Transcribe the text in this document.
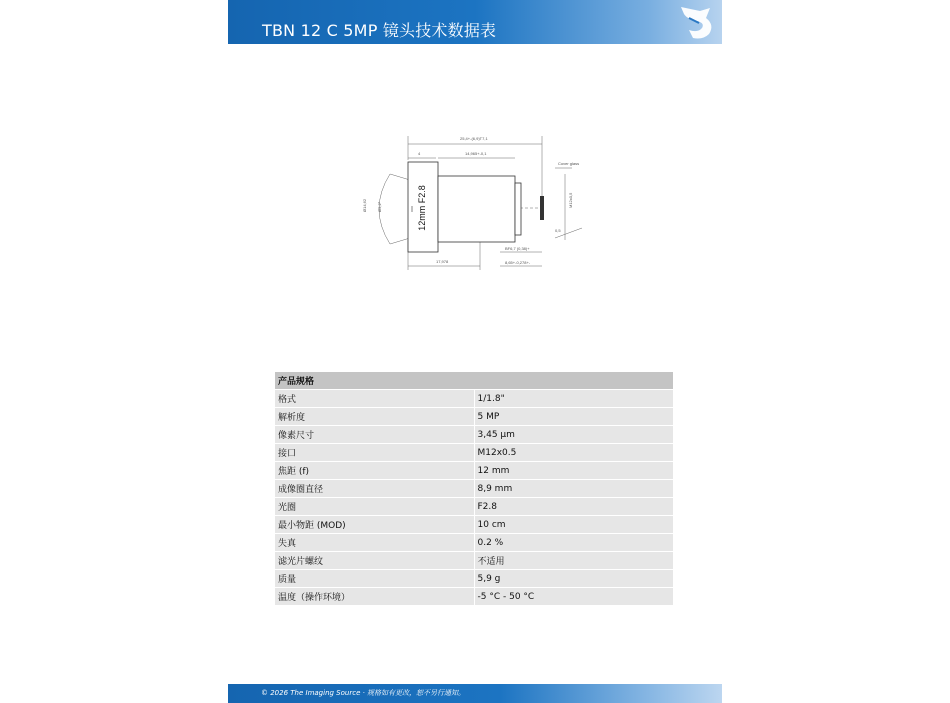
TBN 12 C 5MP 镜头技术数据表
12mm F2.8
25,4+-(6,9)T7,1
14,965+-0,1
4
17,978
BF6,7 (0,38)+
8,65+-0,278+-
Cover glass
M12x0,5
Ø14,62	Ø9,2°
0,5
产品规格	
格式	1/1.8"
解析度	5 MP
像素尺寸	3,45 µm
接口	M12x0.5
焦距 (f)	12 mm
成像圈直径	8,9 mm
光圈	F2.8
最小物距 (MOD)	10 cm
失真	0.2 %
滤光片螺纹	不适用
质量	5,9 g
温度（操作环境）	-5 °C - 50 °C
© 2026 The Imaging Source · 规格如有更改，恕不另行通知。
